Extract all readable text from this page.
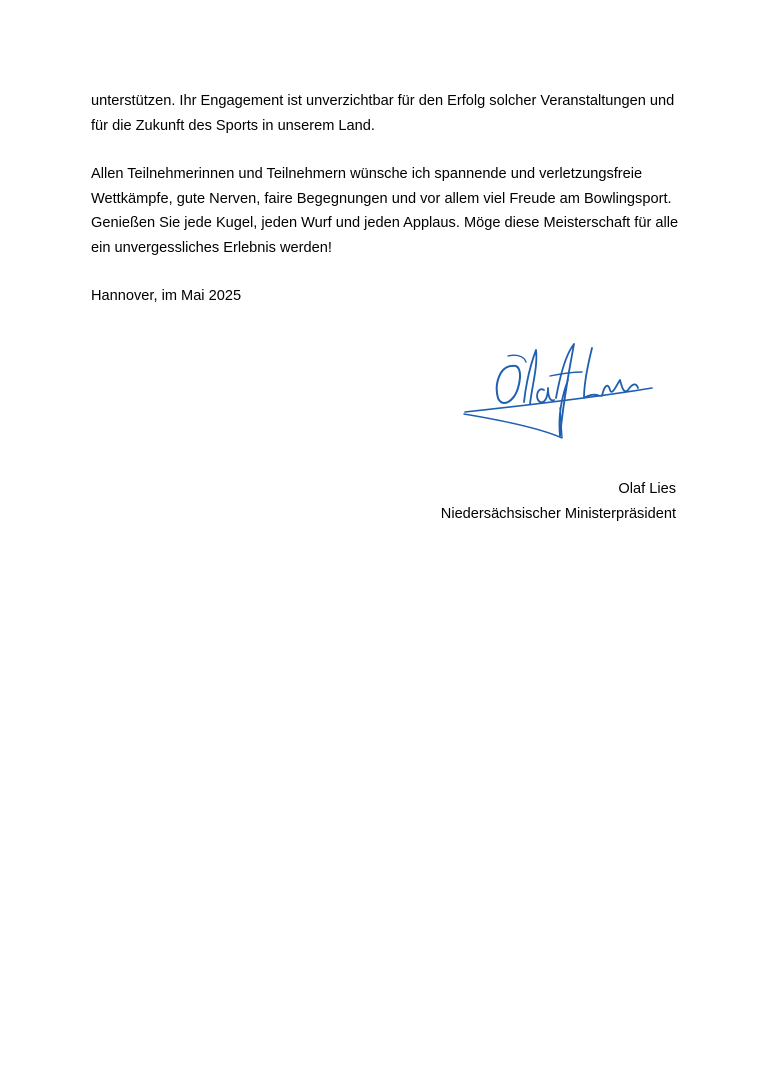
unterstützen. Ihr Engagement ist unverzichtbar für den Erfolg solcher Veranstaltungen und
für die Zukunft des Sports in unserem Land.

Allen Teilnehmerinnen und Teilnehmern wünsche ich spannende und verletzungsfreie
Wettkämpfe, gute Nerven, faire Begegnungen und vor allem viel Freude am Bowlingsport.
Genießen Sie jede Kugel, jeden Wurf und jeden Applaus. Möge diese Meisterschaft für alle
ein unvergessliches Erlebnis werden!

Hannover, im Mai 2025

Olaf Lies
Niedersächsischer Ministerpräsident
